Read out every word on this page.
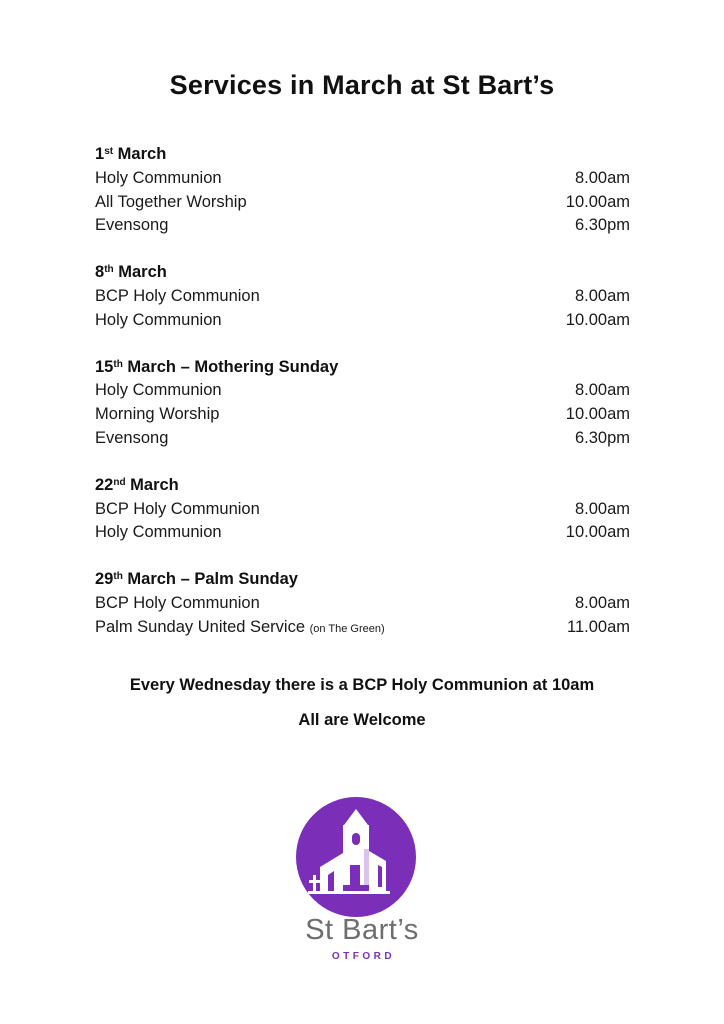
Services in March at St Bart’s
1st March
Holy Communion	8.00am
All Together Worship	10.00am
Evensong	6.30pm
8th March
BCP Holy Communion	8.00am
Holy Communion	10.00am
15th March – Mothering Sunday
Holy Communion	8.00am
Morning Worship	10.00am
Evensong	6.30pm
22nd March
BCP Holy Communion	8.00am
Holy Communion	10.00am
29th March – Palm Sunday
BCP Holy Communion	8.00am
Palm Sunday United Service (on The Green)	11.00am
Every Wednesday there is a BCP Holy Communion at 10am
All are Welcome
St Bart’s
OTFORD
